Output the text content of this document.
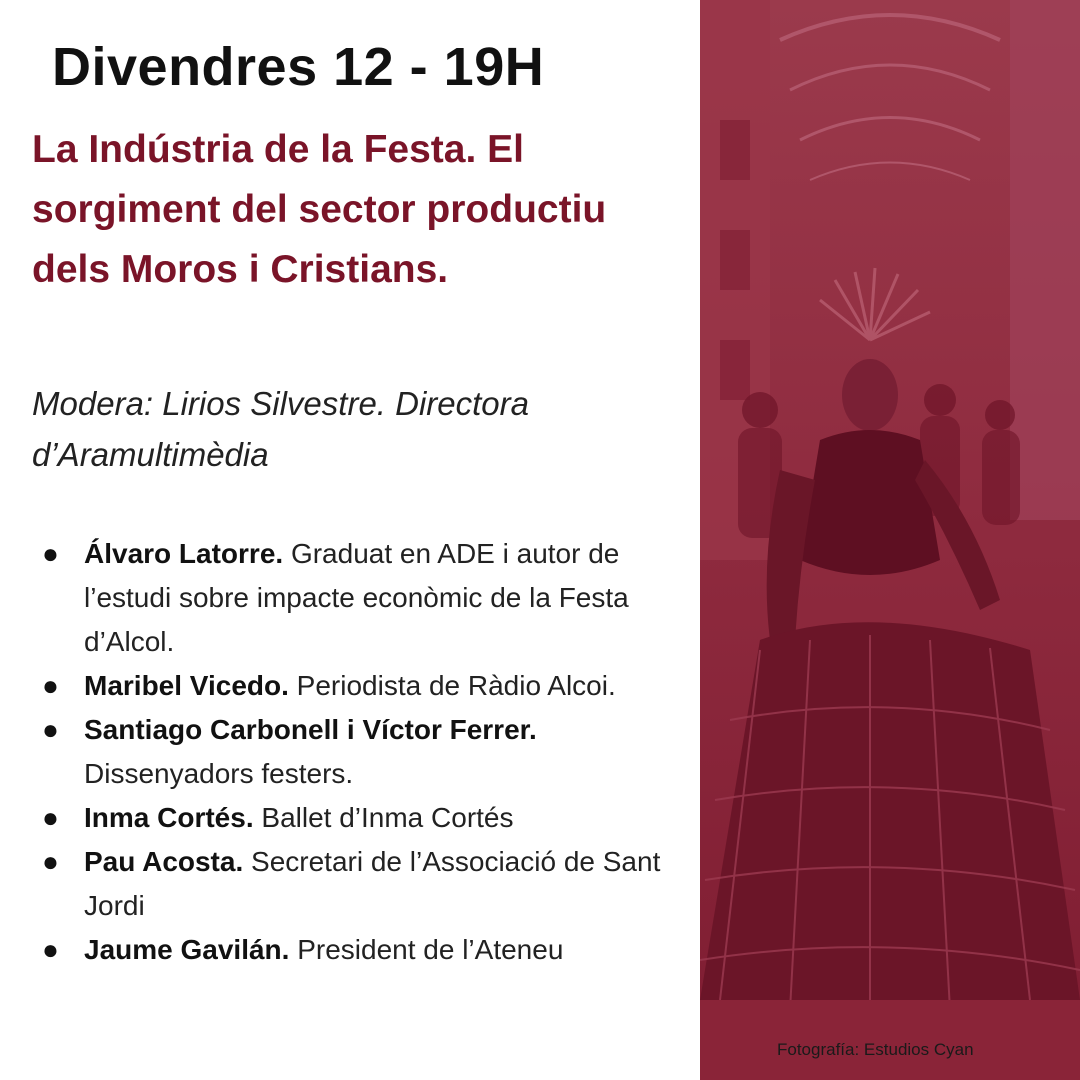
Divendres 12 - 19H

La Indústria de la Festa. El sorgiment del sector productiu dels Moros i Cristians.

Modera: Lirios Silvestre. Directora d’Aramultimèdia

● Álvaro Latorre. Graduat en ADE i autor de l’estudi sobre impacte econòmic de la Festa d’Alcol.
● Maribel Vicedo. Periodista de Ràdio Alcoi.
● Santiago Carbonell i Víctor Ferrer. Dissenyadors festers.
● Inma Cortés. Ballet d’Inma Cortés
● Pau Acosta. Secretari de l’Associació de Sant Jordi
● Jaume Gavilán. President de l’Ateneu
Fotografía: Estudios Cyan
